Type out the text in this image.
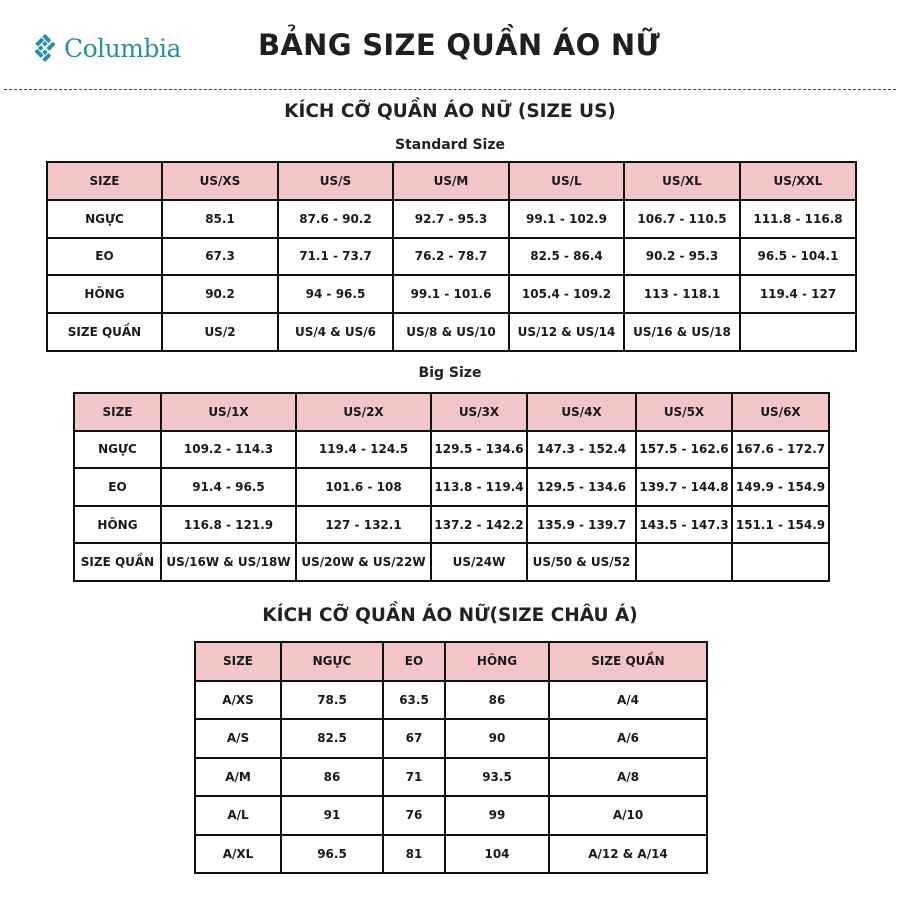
Columbia	BẢNG SIZE QUẦN ÁO NỮ
KÍCH CỠ QUẦN ÁO NỮ (SIZE US)
Standard Size
SIZE	US/XS	US/S	US/M	US/L	US/XL	US/XXL
NGỰC	85.1	87.6 - 90.2	92.7 - 95.3	99.1 - 102.9	106.7 - 110.5	111.8 - 116.8
EO	67.3	71.1 - 73.7	76.2 - 78.7	82.5 - 86.4	90.2 - 95.3	96.5 - 104.1
HÔNG	90.2	94 - 96.5	99.1 - 101.6	105.4 - 109.2	113 - 118.1	119.4 - 127
SIZE QUẦN	US/2	US/4 & US/6	US/8 & US/10	US/12 & US/14	US/16 & US/18	
Big Size
SIZE	US/1X	US/2X	US/3X	US/4X	US/5X	US/6X
NGỰC	109.2 - 114.3	119.4 - 124.5	129.5 - 134.6	147.3 - 152.4	157.5 - 162.6	167.6 - 172.7
EO	91.4 - 96.5	101.6 - 108	113.8 - 119.4	129.5 - 134.6	139.7 - 144.8	149.9 - 154.9
HÔNG	116.8 - 121.9	127 - 132.1	137.2 - 142.2	135.9 - 139.7	143.5 - 147.3	151.1 - 154.9
SIZE QUẦN	US/16W & US/18W	US/20W & US/22W	US/24W	US/50 & US/52		
KÍCH CỠ QUẦN ÁO NỮ(SIZE CHÂU Á)
SIZE	NGỰC	EO	HÔNG	SIZE QUẦN
A/XS	78.5	63.5	86	A/4
A/S	82.5	67	90	A/6
A/M	86	71	93.5	A/8
A/L	91	76	99	A/10
A/XL	96.5	81	104	A/12 & A/14
